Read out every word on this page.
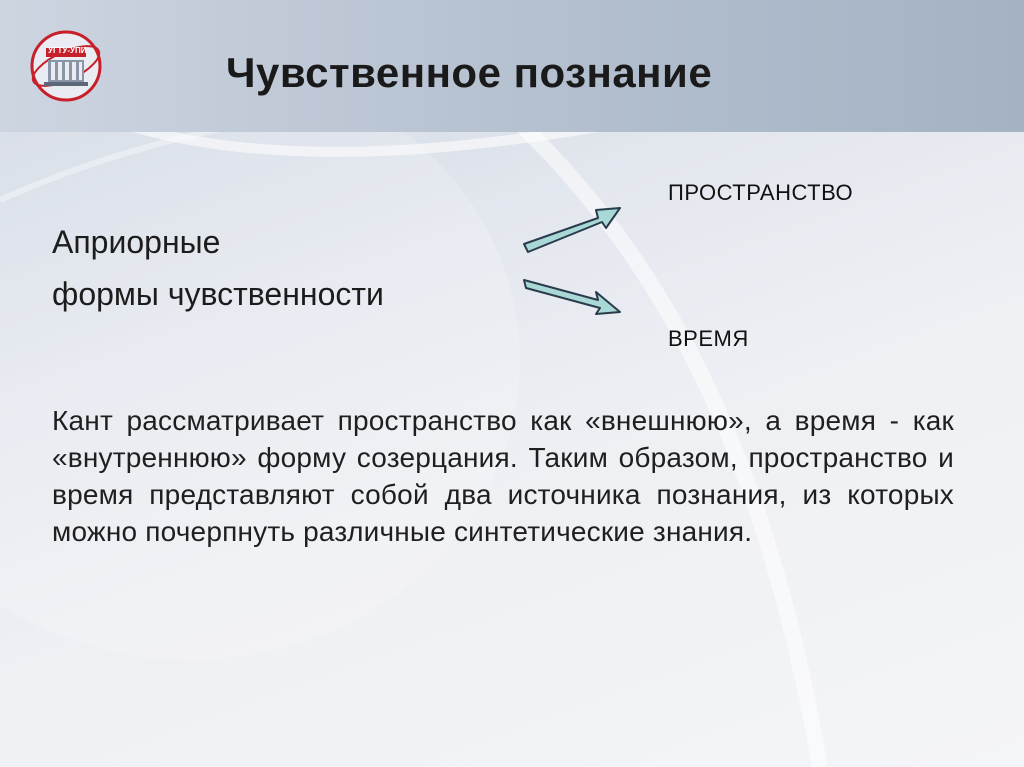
УГТУ-УПИ	Чувственное познание
ПРОСТРАНСТВО
Априорные
формы чувственности
ВРЕМЯ
Кант рассматривает пространство как «внешнюю», а время - как «внутреннюю» форму созерцания. Таким образом, пространство и время представляют собой два источника познания, из которых можно почерпнуть различные синтетические знания.
